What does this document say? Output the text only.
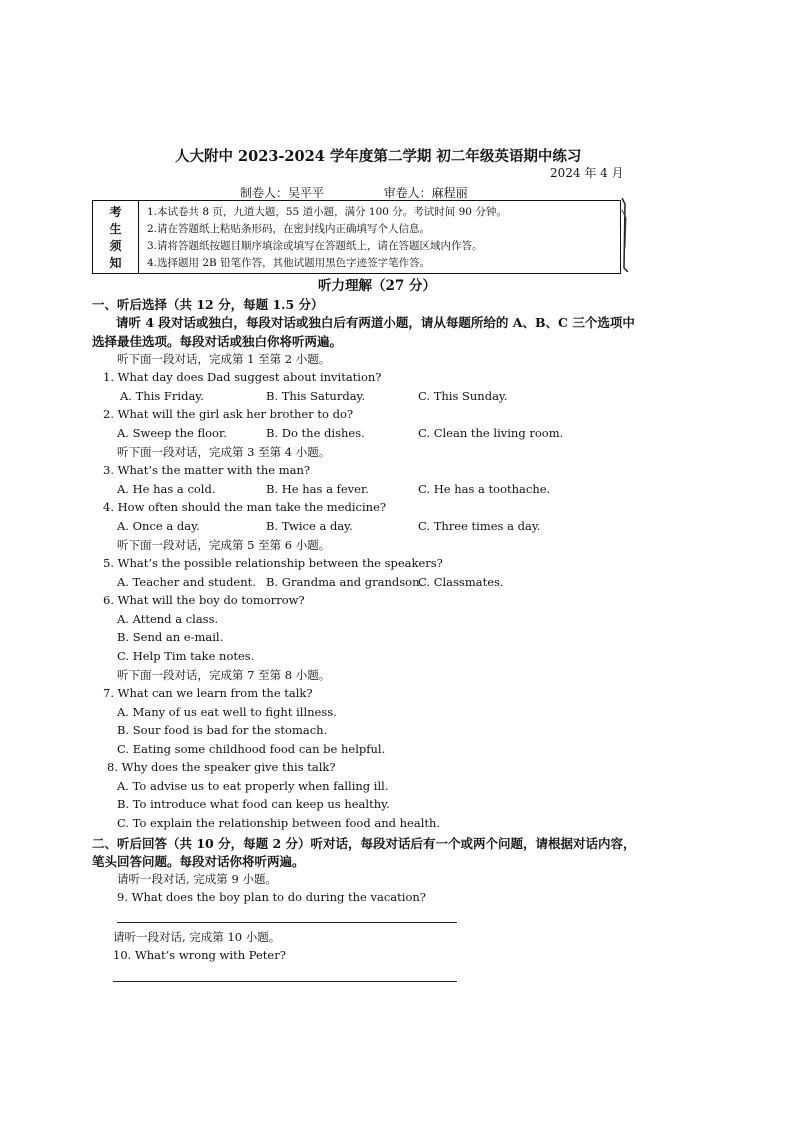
人大附中 2023-2024 学年度第二学期 初二年级英语期中练习
2024 年 4 月
制卷人：吴平平	审卷人：麻程丽
考
生
须
知
1.本试卷共 8 页，九道大题，55 道小题，满分 100 分。考试时间 90 分钟。
2.请在答题纸上粘贴条形码，在密封线内正确填写个人信息。
3.请将答题纸按题目顺序填涂或填写在答题纸上，请在答题区域内作答。
4.选择题用 2B 铅笔作答，其他试题用黑色字迹签字笔作答。
听力理解（27 分）
一、听后选择（共 12 分，每题 1.5 分）
请听 4 段对话或独白，每段对话或独白后有两道小题，请从每题所给的 A、B、C 三个选项中
选择最佳选项。每段对话或独白你将听两遍。
听下面一段对话，完成第 1 至第 2 小题。
1. What day does Dad suggest about invitation?
A. This Friday.	B. This Saturday.	C. This Sunday.
2. What will the girl ask her brother to do?
A. Sweep the floor.	B. Do the dishes.	C. Clean the living room.
听下面一段对话，完成第 3 至第 4 小题。
3. What’s the matter with the man?
A. He has a cold.	B. He has a fever.	C. He has a toothache.
4. How often should the man take the medicine?
A. Once a day.	B. Twice a day.	C. Three times a day.
听下面一段对话，完成第 5 至第 6 小题。
5. What’s the possible relationship between the speakers?
A. Teacher and student. B. Grandma and grandson.
C. Classmates.
6. What will the boy do tomorrow?
A. Attend a class.
B. Send an e-mail.
C. Help Tim take notes.
听下面一段对话，完成第 7 至第 8 小题。
7. What can we learn from the talk?
A. Many of us eat well to fight illness.
B. Sour food is bad for the stomach.
C. Eating some childhood food can be helpful.
8. Why does the speaker give this talk?
A. To advise us to eat properly when falling ill.
B. To introduce what food can keep us healthy.
C. To explain the relationship between food and health.
二、听后回答（共 10 分，每题 2 分）听对话，每段对话后有一个或两个问题，请根据对话内容，
笔头回答问题。每段对话你将听两遍。
请听一段对话, 完成第 9 小题。
9. What does the boy plan to do during the vacation?
请听一段对话, 完成第 10 小题。
10. What’s wrong with Peter?
